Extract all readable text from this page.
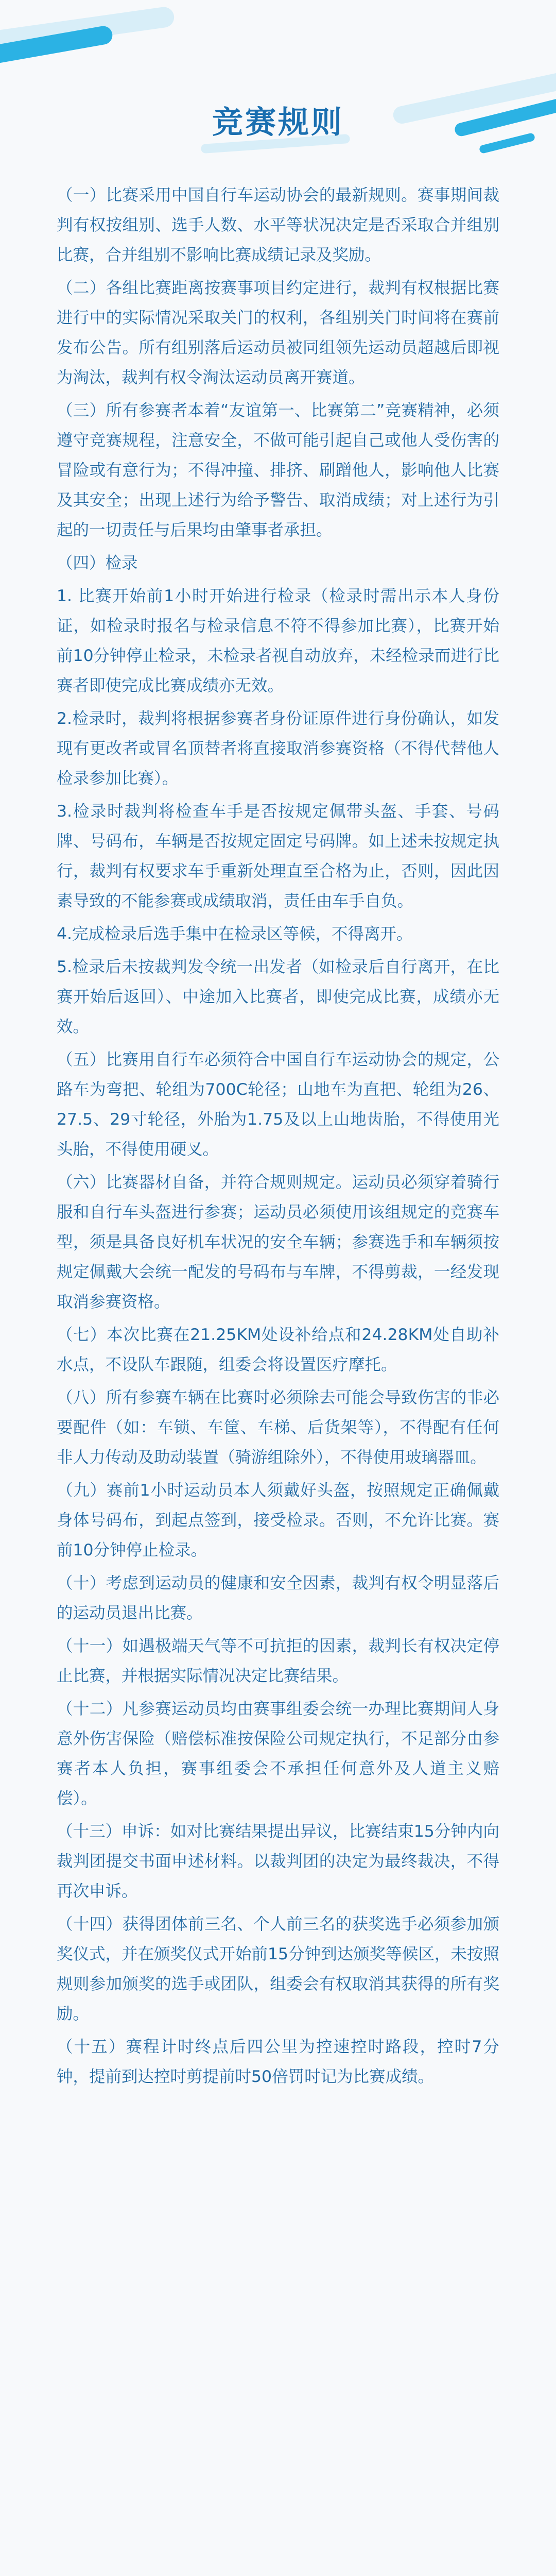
竞赛规则

（一）比赛采用中国自行车运动协会的最新规则。赛事期间裁判有权按组别、选手人数、水平等状况决定是否采取合并组别比赛，合并组别不影响比赛成绩记录及奖励。

（二）各组比赛距离按赛事项目约定进行，裁判有权根据比赛进行中的实际情况采取关门的权利，各组别关门时间将在赛前发布公告。所有组别落后运动员被同组领先运动员超越后即视为淘汰，裁判有权令淘汰运动员离开赛道。

（三）所有参赛者本着“友谊第一、比赛第二”竞赛精神，必须遵守竞赛规程，注意安全，不做可能引起自己或他人受伤害的冒险或有意行为；不得冲撞、排挤、刷蹭他人，影响他人比赛及其安全；出现上述行为给予警告、取消成绩；对上述行为引起的一切责任与后果均由肇事者承担。

（四）检录

1. 比赛开始前1小时开始进行检录（检录时需出示本人身份证，如检录时报名与检录信息不符不得参加比赛），比赛开始前10分钟停止检录，未检录者视自动放弃，未经检录而进行比赛者即使完成比赛成绩亦无效。

2.检录时，裁判将根据参赛者身份证原件进行身份确认，如发现有更改者或冒名顶替者将直接取消参赛资格（不得代替他人检录参加比赛）。

3.检录时裁判将检查车手是否按规定佩带头盔、手套、号码牌、号码布，车辆是否按规定固定号码牌。如上述未按规定执行，裁判有权要求车手重新处理直至合格为止，否则，因此因素导致的不能参赛或成绩取消，责任由车手自负。

4.完成检录后选手集中在检录区等候，不得离开。

5.检录后未按裁判发令统一出发者（如检录后自行离开，在比赛开始后返回）、中途加入比赛者，即使完成比赛，成绩亦无效。

（五）比赛用自行车必须符合中国自行车运动协会的规定，公路车为弯把、轮组为700C轮径；山地车为直把、轮组为26、27.5、29寸轮径，外胎为1.75及以上山地齿胎，不得使用光头胎，不得使用硬叉。

（六）比赛器材自备，并符合规则规定。运动员必须穿着骑行服和自行车头盔进行参赛；运动员必须使用该组规定的竞赛车型，须是具备良好机车状况的安全车辆；参赛选手和车辆须按规定佩戴大会统一配发的号码布与车牌，不得剪裁，一经发现取消参赛资格。

（七）本次比赛在21.25KM处设补给点和24.28KM处自助补水点，不设队车跟随，组委会将设置医疗摩托。

（八）所有参赛车辆在比赛时必须除去可能会导致伤害的非必要配件（如：车锁、车筐、车梯、后货架等），不得配有任何非人力传动及助动装置（骑游组除外），不得使用玻璃器皿。

（九）赛前1小时运动员本人须戴好头盔，按照规定正确佩戴身体号码布，到起点签到，接受检录。否则，不允许比赛。赛前10分钟停止检录。

（十）考虑到运动员的健康和安全因素，裁判有权令明显落后的运动员退出比赛。

（十一）如遇极端天气等不可抗拒的因素，裁判长有权决定停止比赛，并根据实际情况决定比赛结果。

（十二）凡参赛运动员均由赛事组委会统一办理比赛期间人身意外伤害保险（赔偿标准按保险公司规定执行，不足部分由参赛者本人负担，赛事组委会不承担任何意外及人道主义赔偿）。

（十三）申诉：如对比赛结果提出异议，比赛结束15分钟内向裁判团提交书面申述材料。以裁判团的决定为最终裁决，不得再次申诉。

（十四）获得团体前三名、个人前三名的获奖选手必须参加颁奖仪式，并在颁奖仪式开始前15分钟到达颁奖等候区，未按照规则参加颁奖的选手或团队，组委会有权取消其获得的所有奖励。

（十五）赛程计时终点后四公里为控速控时路段，控时7分钟，提前到达控时剪提前时50倍罚时记为比赛成绩。
